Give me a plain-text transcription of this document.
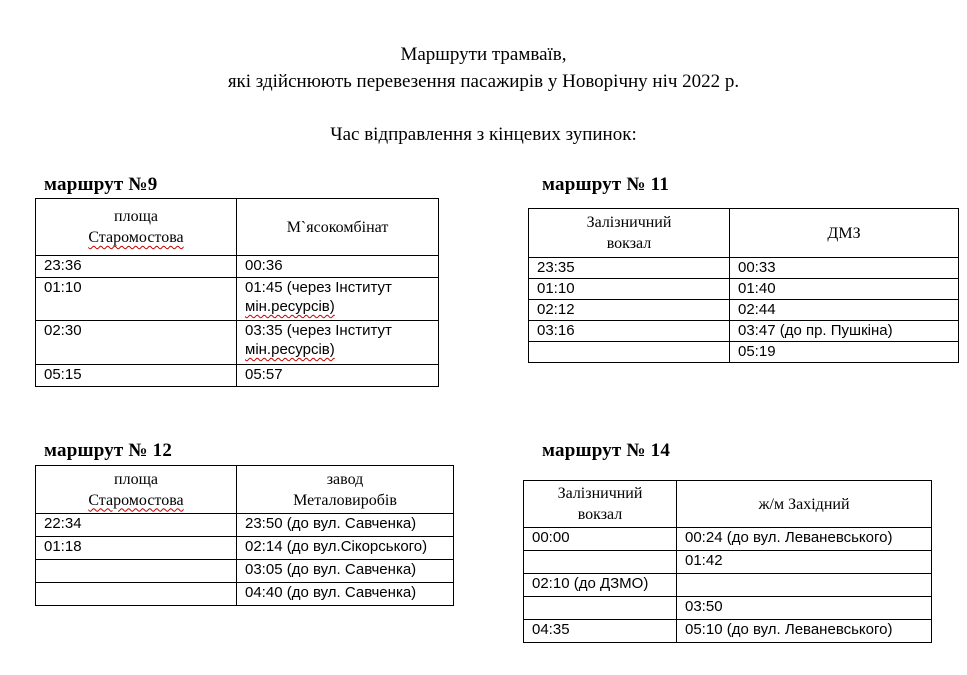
Маршрути трамваїв,
які здійснюють перевезення пасажирів у Новорічну ніч 2022 р.
Час відправлення з кінцевих зупинок:
маршрут №9
площа
Старомостова	М`ясокомбінат
23:36	00:36
01:10	01:45 (через Інститут
мін.ресурсів)

02:30	03:35 (через Інститут
мін.ресурсів)

05:15	05:57
маршрут № 11
Залізничний
вокзал	ДМЗ
23:35	00:33
01:10	01:40
02:12	02:44
03:16	03:47 (до пр. Пушкіна)
	05:19
маршрут № 12
площа
Старомостова	завод
Металовиробів

22:34	23:50 (до вул. Савченка)
01:18	02:14 (до вул.Сікорського)
	03:05 (до вул. Савченка)
	04:40 (до вул. Савченка)
маршрут № 14
Залізничний
вокзал	ж/м Західний
00:00	00:24 (до вул. Леваневського)
	01:42
02:10 (до ДЗМО)	
	03:50
04:35	05:10 (до вул. Леваневського)
